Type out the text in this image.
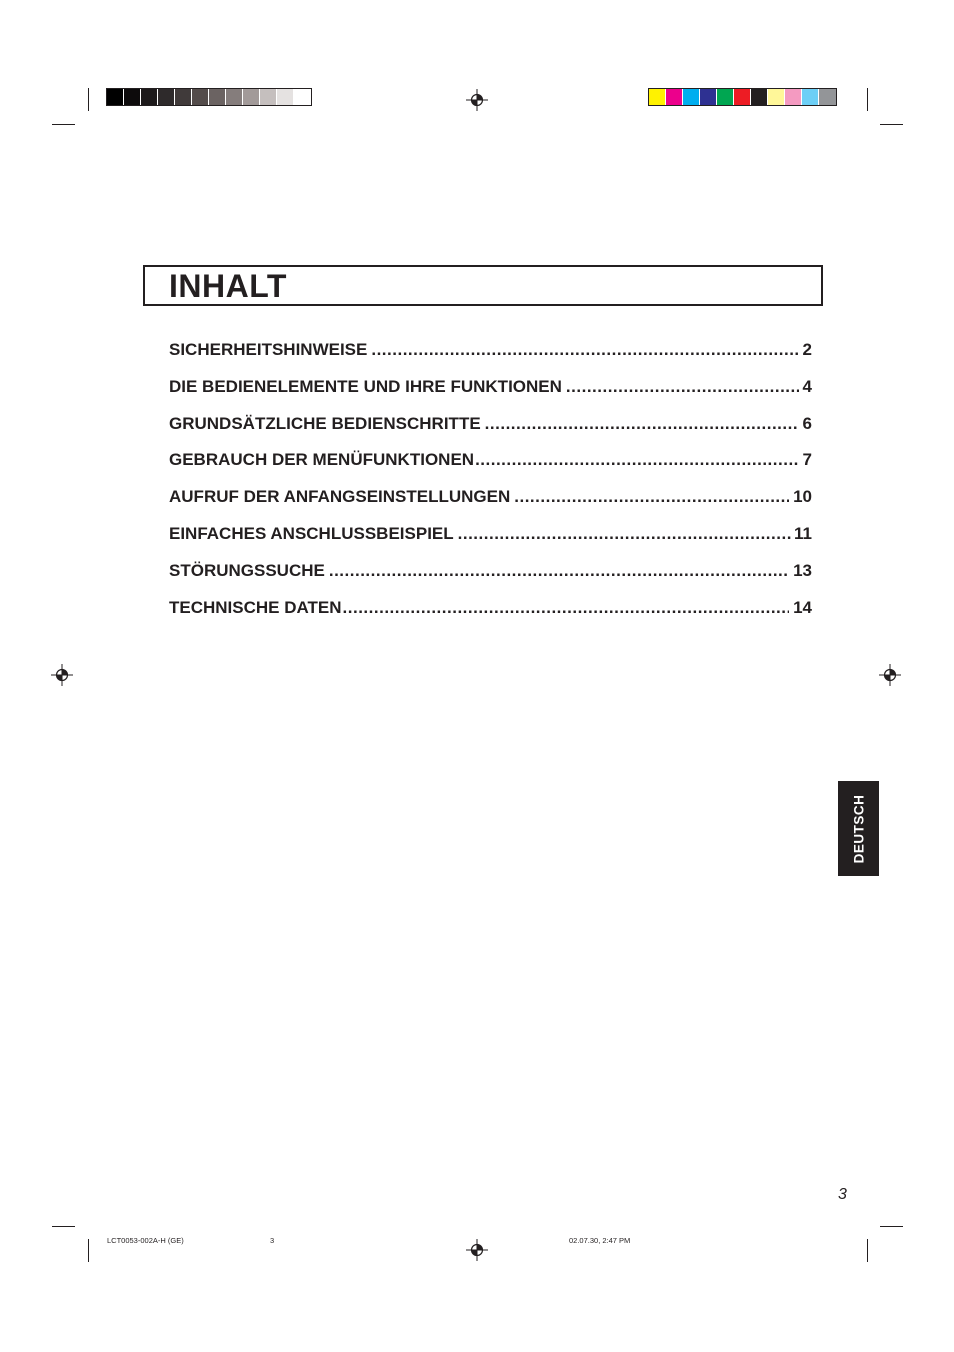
INHALT
SICHERHEITSHINWEISE .....	2
DIE BEDIENELEMENTE UND IHRE FUNKTIONEN .....	4
GRUNDSÄTZLICHE BEDIENSCHRITTE .....	6
GEBRAUCH DER MENÜFUNKTIONEN .....	7
AUFRUF DER ANFANGSEINSTELLUNGEN .....	10
EINFACHES ANSCHLUSSBEISPIEL .....	11
STÖRUNGSSUCHE .....	13
TECHNISCHE DATEN .....	14
DEUTSCH
3
LCT0053-002A-H (GE)	3	02.07.30, 2:47 PM
